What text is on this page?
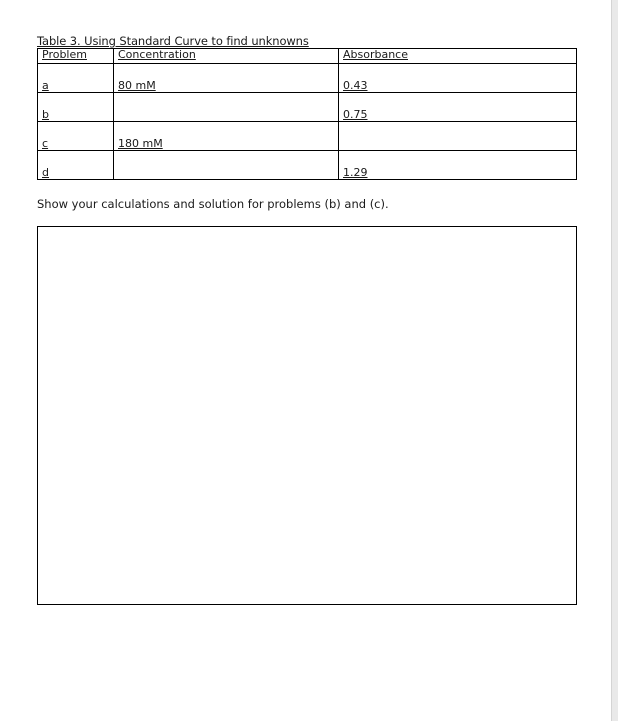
Table 3. Using Standard Curve to find unknowns
Problem	Concentration	Absorbance
a	80 mM	0.43
b		0.75
c	180 mM	
d		1.29
Show your calculations and solution for problems (b) and (c).
